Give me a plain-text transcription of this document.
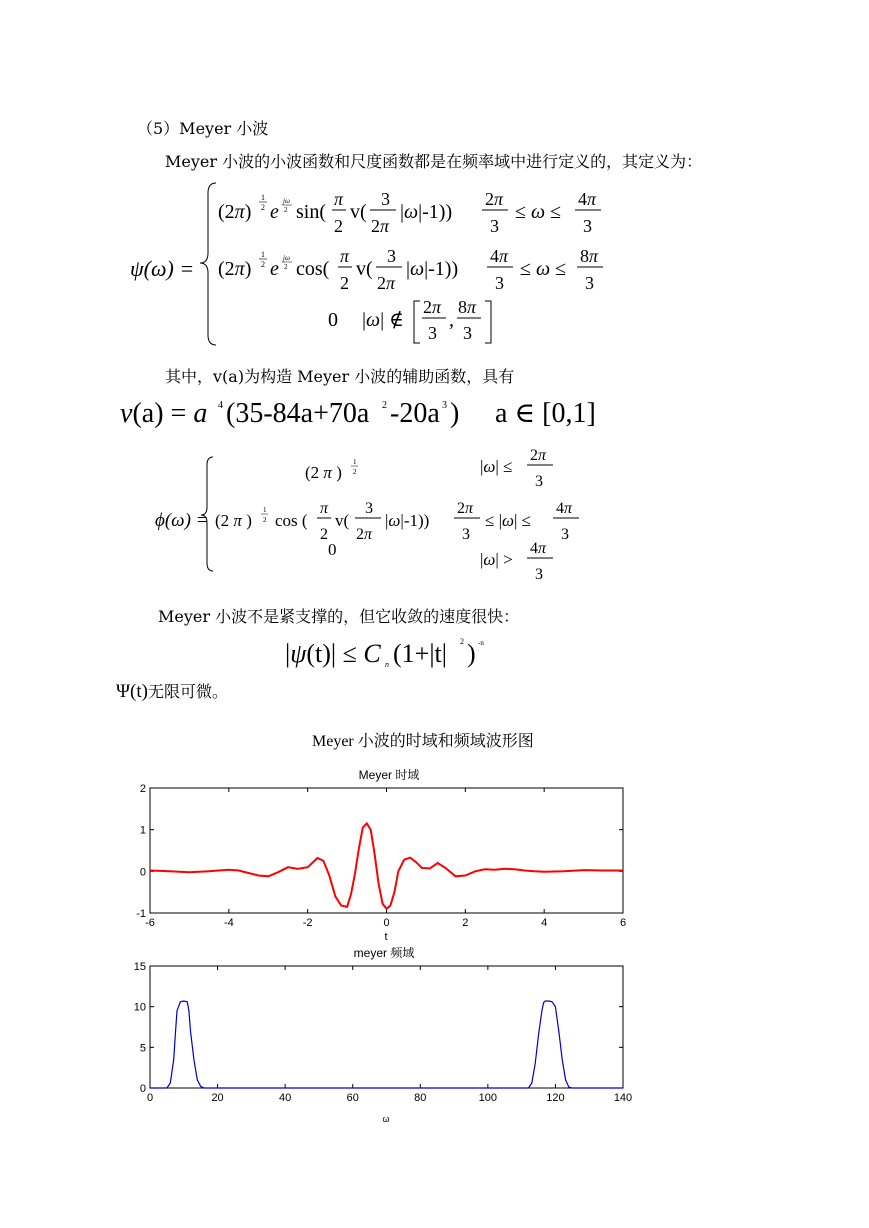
（5）Meyer 小波
Meyer 小波的小波函数和尺度函数都是在频率域中进行定义的，其定义为：
ψ(ω) =
(2π)
1
2 e jω
2 sin(
π
2
v(
3
2π
|ω|-1))
2π
3
≤ ω ≤
4π
3
(2π)
1
2 e jω
2 cos(
π
2
v(
3
2π
|ω|-1))
4π
3
≤ ω ≤
8π
3
0 |ω| ∉
2π
3
,
8π
3
其中，v(a)为构造 Meyer 小波的辅助函数，具有
v(a) = a 4 (35-84a+70a 2 -20a 3 ) a ∈ [0,1]
ϕ(ω) =
(2 π )
1
2	|ω| ≤
2π
3
(2 π )
1
2 cos (
π
2
v(
3
2π
|ω|-1))
2π
3
≤ |ω| ≤
4π
3
0
|ω| >
4π
3
Meyer 小波不是紧支撑的，但它收敛的速度很快：
|ψ(t)| ≤ C n (1+|t| 2 ) -n
Ψ(t)无限可微。
Meyer 小波的时域和频域波形图
Meyer 时域
-6	-4	-2	0	2	4	6
-1
0
1
2
t
meyer 频域
0	20	40	60	80	100	120	140
0
5
10
15
ω
